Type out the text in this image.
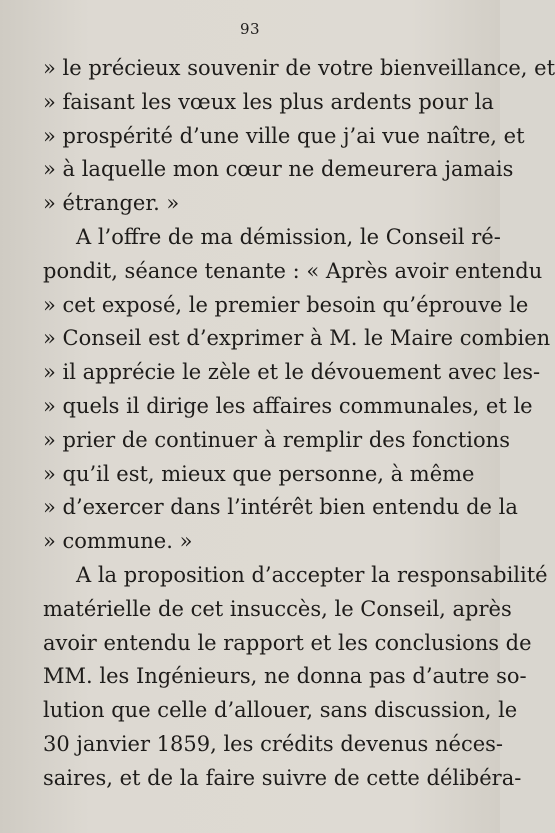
93
» le précieux souvenir de votre bienveillance, et
» faisant les vœux les plus ardents pour la
» prospérité d’une ville que j’ai vue naître, et
» à laquelle mon cœur ne demeurera jamais
» étranger. »
A l’offre de ma démission, le Conseil ré-
pondit, séance tenante : « Après avoir entendu
» cet exposé, le premier besoin qu’éprouve le
» Conseil est d’exprimer à M. le Maire combien
» il apprécie le zèle et le dévouement avec les-
» quels il dirige les affaires communales, et le
» prier de continuer à remplir des fonctions
» qu’il est, mieux que personne, à même
» d’exercer dans l’intérêt bien entendu de la
» commune. »
A la proposition d’accepter la responsabilité
matérielle de cet insuccès, le Conseil, après
avoir entendu le rapport et les conclusions de
MM. les Ingénieurs, ne donna pas d’autre so-
lution que celle d’allouer, sans discussion, le
30 janvier 1859, les crédits devenus néces-
saires, et de la faire suivre de cette délibéra-
